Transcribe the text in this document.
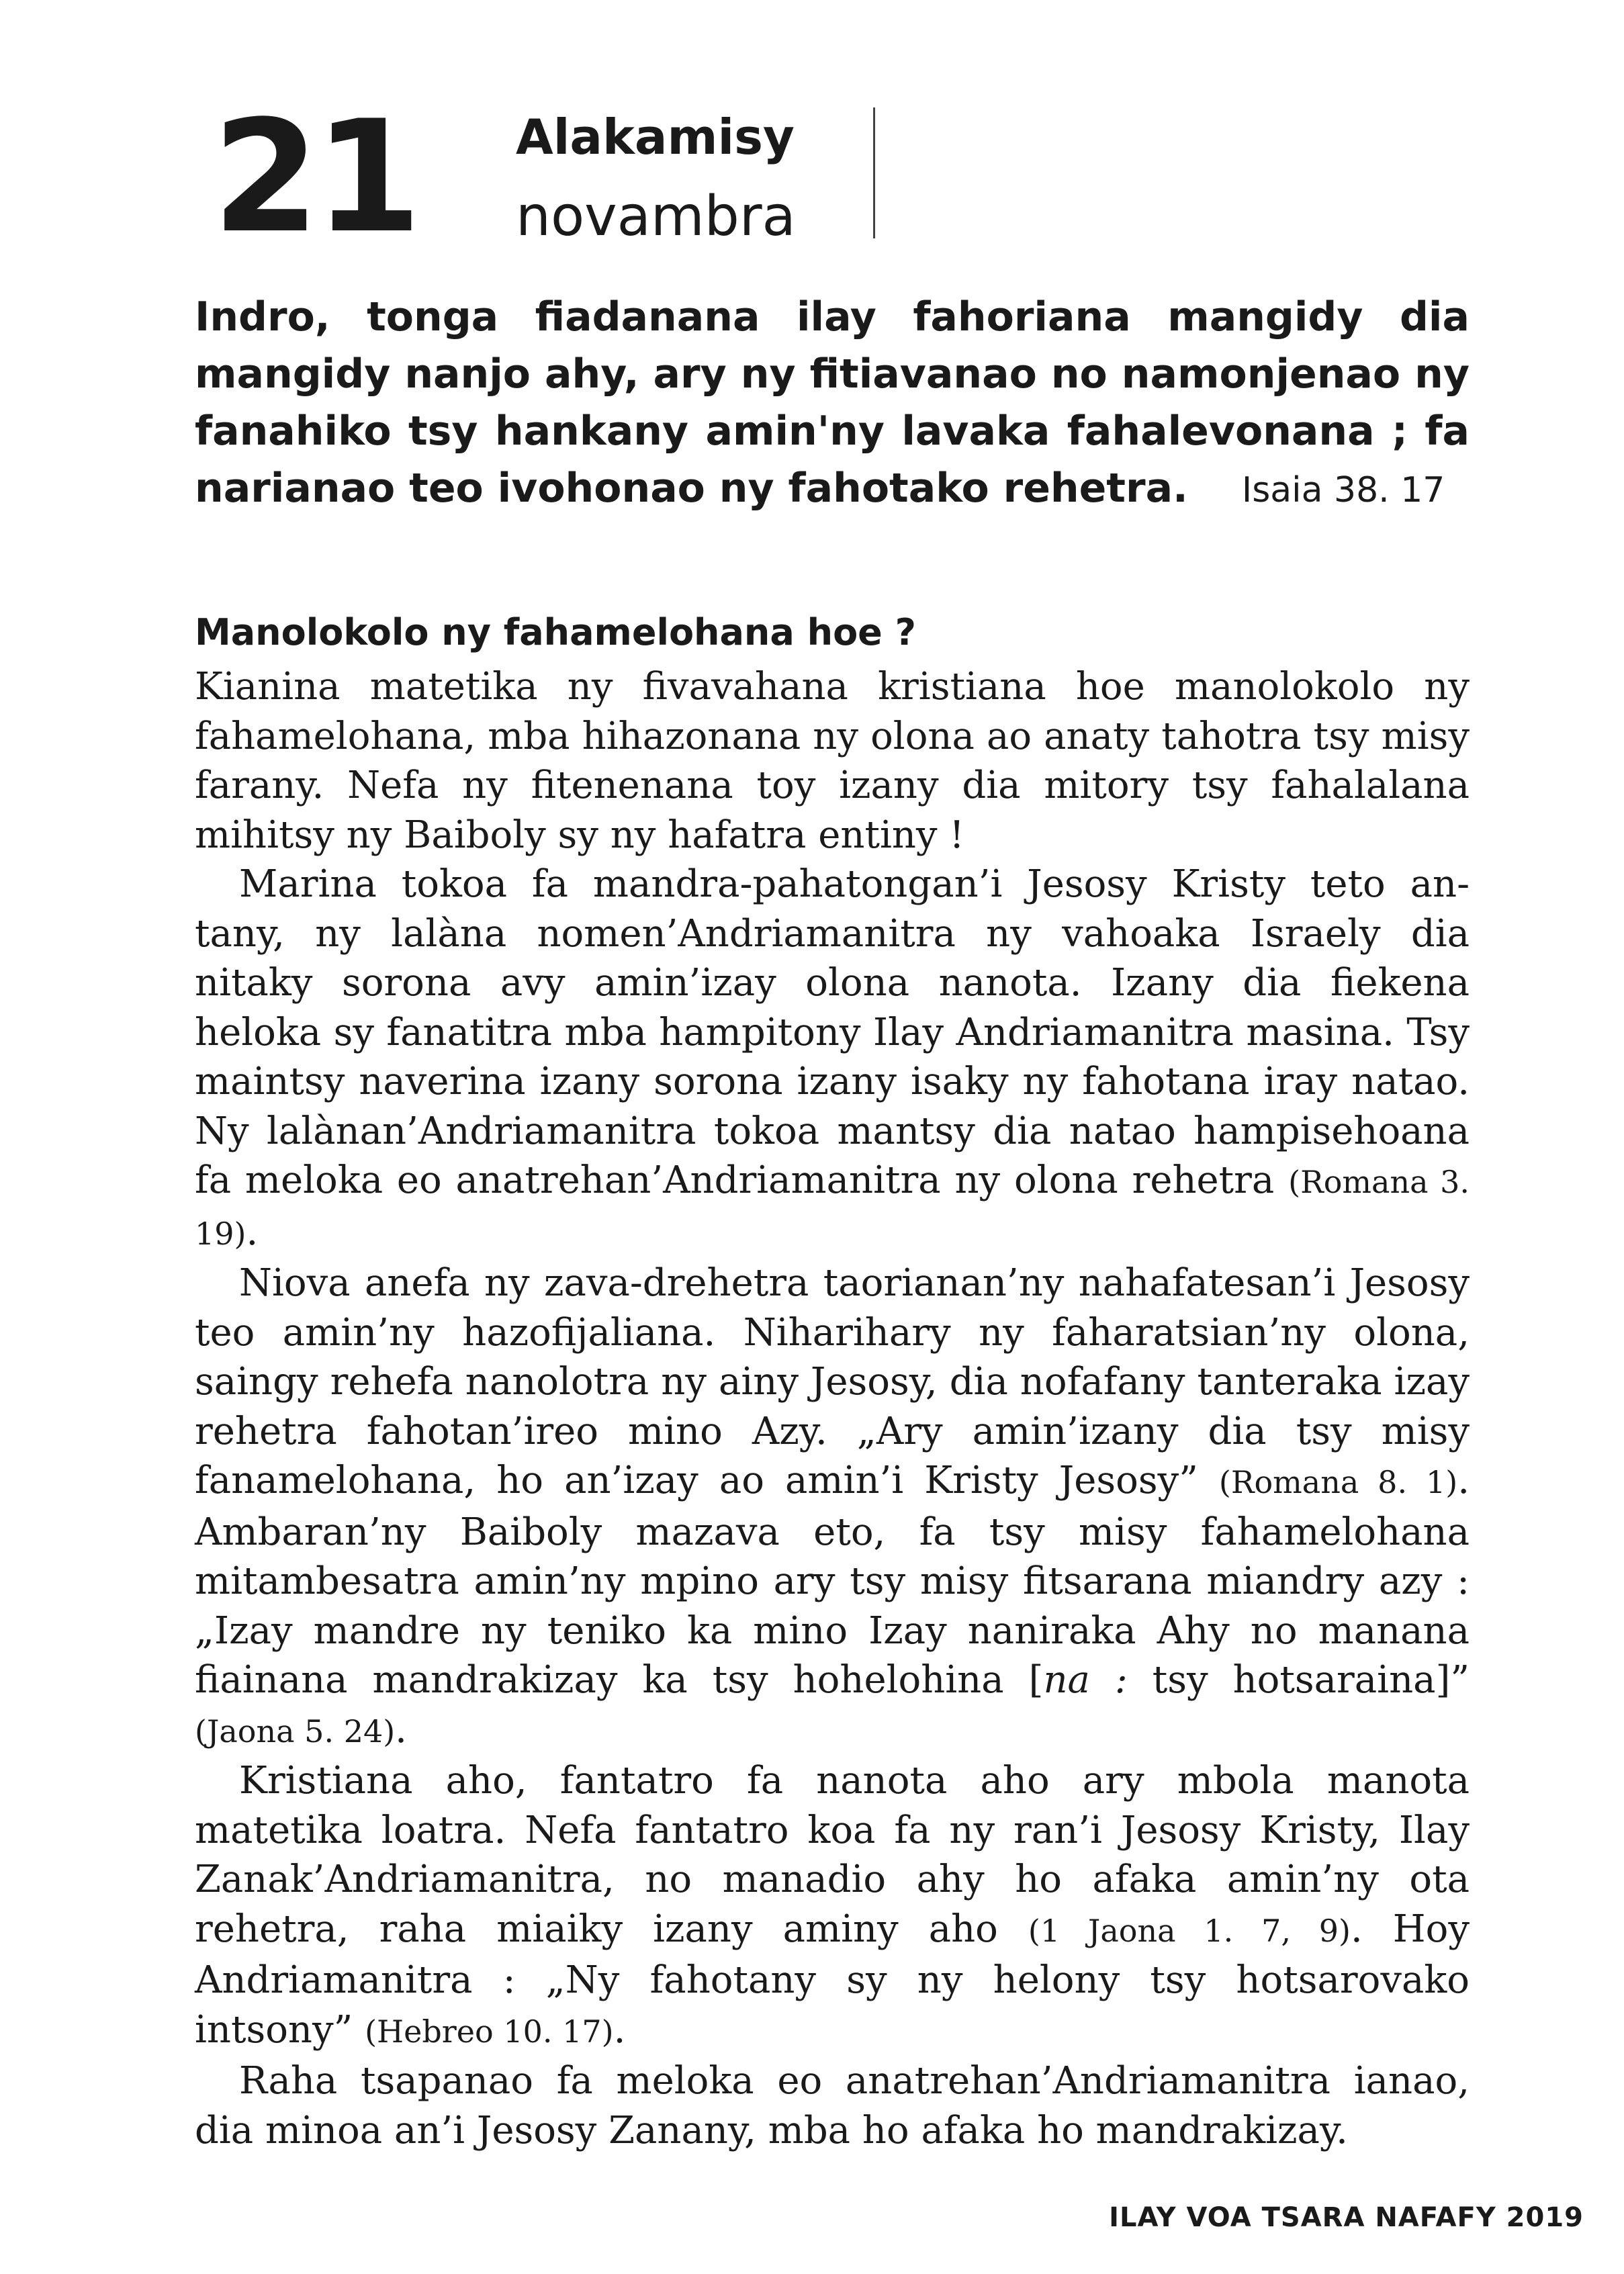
21 Alakamisy
novambra
Indro, tonga fiadanana ilay fahoriana mangidy dia mangidy nanjo ahy, ary ny fitiavanao no namonjenao ny fanahiko tsy hankany amin'ny lavaka fahalevonana ; fa narianao teo ivohonao ny fahotako rehetra. Isaia 38. 17
Manolokolo ny fahamelohana hoe ?

Kianina matetika ny fivavahana kristiana hoe manolokolo ny fahamelohana, mba hihazonana ny olona ao anaty tahotra tsy misy farany. Nefa ny fitenenana toy izany dia mitory tsy fahalalana mihitsy ny Baiboly sy ny hafatra entiny !

Marina tokoa fa mandra-pahatongan’i Jesosy Kristy teto an-tany, ny lalàna nomen’Andriamanitra ny vahoaka Israely dia nitaky sorona avy amin’izay olona nanota. Izany dia fiekena heloka sy fanatitra mba hampitony Ilay Andriamanitra masina. Tsy maintsy naverina izany sorona izany isaky ny fahotana iray natao. Ny lalànan’Andriamanitra tokoa mantsy dia natao hampisehoana fa meloka eo anatrehan’Andriamanitra ny olona rehetra (Romana 3. 19).

Niova anefa ny zava-drehetra taorianan’ny nahafatesan’i Jesosy teo amin’ny hazofijaliana. Niharihary ny faharatsian’ny olona, saingy rehefa nanolotra ny ainy Jesosy, dia nofafany tanteraka izay rehetra fahotan’ireo mino Azy. „Ary amin’izany dia tsy misy fanamelohana, ho an’izay ao amin’i Kristy Jesosy” (Romana 8. 1). Ambaran’ny Baiboly mazava eto, fa tsy misy fahamelohana mitambesatra amin’ny mpino ary tsy misy fitsarana miandry azy : „Izay mandre ny teniko ka mino Izay naniraka Ahy no manana fiainana mandrakizay ka tsy hohelohina [na : tsy hotsaraina]” (Jaona 5. 24).

Kristiana aho, fantatro fa nanota aho ary mbola manota matetika loatra. Nefa fantatro koa fa ny ran’i Jesosy Kristy, Ilay Zanak’Andriamanitra, no manadio ahy ho afaka amin’ny ota rehetra, raha miaiky izany aminy aho (1 Jaona 1. 7, 9). Hoy Andriamanitra : „Ny fahotany sy ny helony tsy hotsarovako intsony” (Hebreo 10. 17).

Raha tsapanao fa meloka eo anatrehan’Andriamanitra ianao, dia minoa an’i Jesosy Zanany, mba ho afaka ho mandrakizay.

ILAY VOA TSARA NAFAFY 2019
